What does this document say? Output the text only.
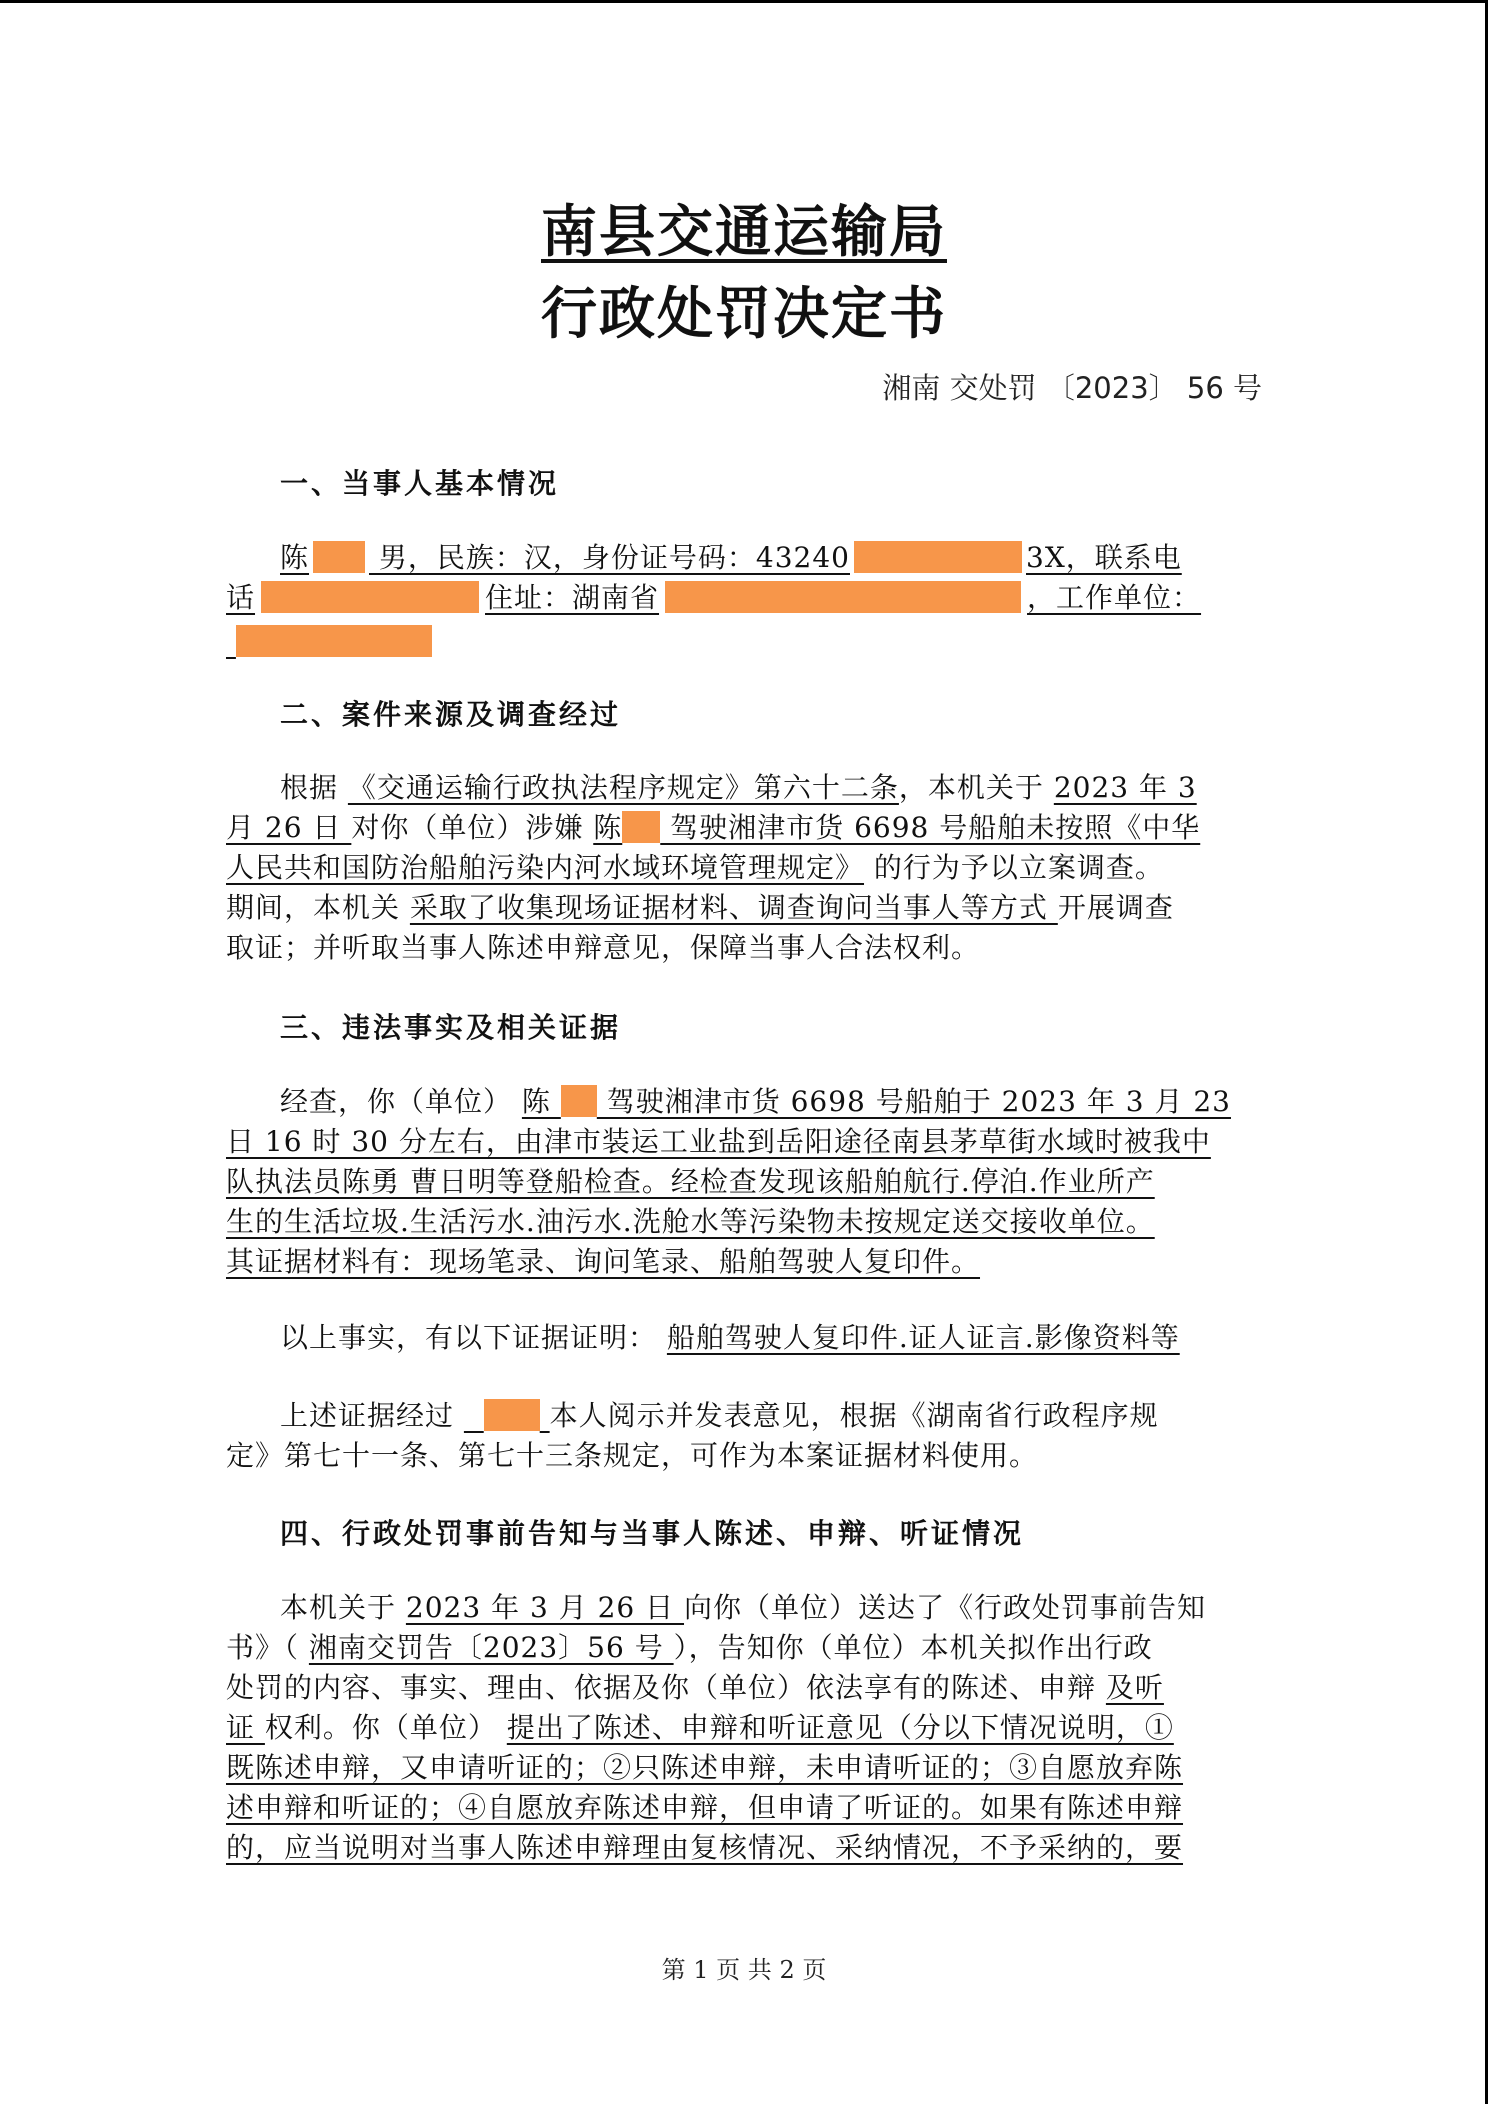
南县交通运输局
行政处罚决定书
湘南 交处罚 〔2023〕 56 号
一、当事人基本情况
陈 男，民族：汉，身份证号码：43240	3X，联系电
话	住址：湖南省	，工作单位：

二、案件来源及调查经过
根据 《交通运输行政执法程序规定》第六十二条，本机关于 2023 年 3
月 26 日 对你（单位）涉嫌 陈 驾驶湘津市货 6698 号船舶未按照《中华
人民共和国防治船舶污染内河水域环境管理规定》 的行为予以立案调查。
期间，本机关 采取了收集现场证据材料、调查询问当事人等方式 开展调查
取证；并听取当事人陈述申辩意见，保障当事人合法权利。
三、违法事实及相关证据
经查，你（单位） 陈  驾驶湘津市货 6698 号船舶于 2023 年 3 月 23
日 16 时 30 分左右，由津市装运工业盐到岳阳途径南县茅草街水域时被我中
队执法员陈勇 曹日明等登船检查。经检查发现该船舶航行.停泊.作业所产
生的生活垃圾.生活污水.油污水.洗舱水等污染物未按规定送交接收单位。
其证据材料有：现场笔录、询问笔录、船舶驾驶人复印件。
以上事实，有以下证据证明： 船舶驾驶人复印件.证人证言.影像资料等
上述证据经过	本人阅示并发表意见，根据《湖南省行政程序规
定》第七十一条、第七十三条规定，可作为本案证据材料使用。
四、行政处罚事前告知与当事人陈述、申辩、听证情况
本机关于 2023 年 3 月 26 日 向你（单位）送达了《行政处罚事前告知
书》（ 湘南交罚告〔2023〕56 号 ），告知你（单位）本机关拟作出行政
处罚的内容、事实、理由、依据及你（单位）依法享有的陈述、申辩 及听
证 权利。你（单位） 提出了陈述、申辩和听证意见（分以下情况说明，①
既陈述申辩，又申请听证的；②只陈述申辩，未申请听证的；③自愿放弃陈
述申辩和听证的；④自愿放弃陈述申辩，但申请了听证的。如果有陈述申辩
的，应当说明对当事人陈述申辩理由复核情况、采纳情况，不予采纳的，要
第 1 页 共 2 页
